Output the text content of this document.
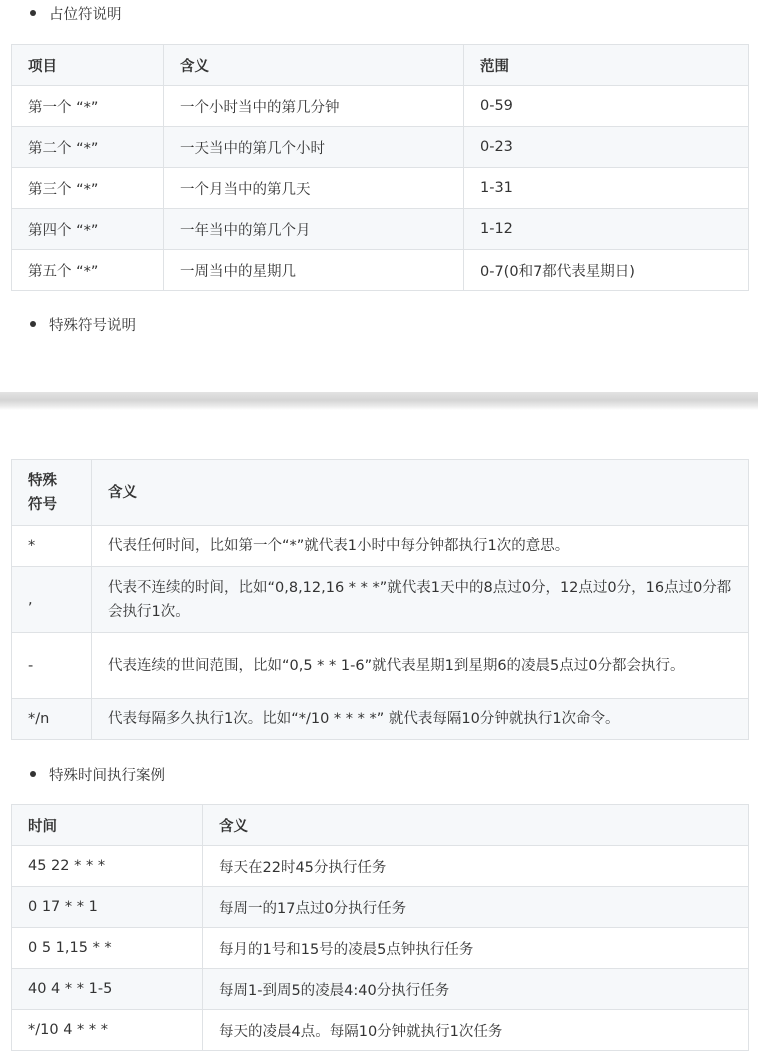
占位符说明
项目	含义	范围
第一个 “*”	一个小时当中的第几分钟	0-59
第二个 “*”	一天当中的第几个小时	0-23
第三个 “*”	一个月当中的第几天	1-31
第四个 “*”	一年当中的第几个月	1-12
第五个 “*”	一周当中的星期几	0-7(0和7都代表星期日)
特殊符号说明
特殊符号	含义
*	代表任何时间，比如第一个“*”就代表1小时中每分钟都执行1次的意思。
,	代表不连续的时间，比如“0,8,12,16 * * *”就代表1天中的8点过0分，12点过0分，16点过0分都会执行1次。
-	代表连续的世间范围，比如“0,5 * * 1-6”就代表星期1到星期6的凌晨5点过0分都会执行。
*/n	代表每隔多久执行1次。比如“*/10 * * * *” 就代表每隔10分钟就执行1次命令。
特殊时间执行案例
时间	含义
45 22 * * *	每天在22时45分执行任务
0 17 * * 1	每周一的17点过0分执行任务
0 5 1,15 * *	每月的1号和15号的凌晨5点钟执行任务
40 4 * * 1-5	每周1-到周5的凌晨4:40分执行任务
*/10 4 * * *	每天的凌晨4点。每隔10分钟就执行1次任务
